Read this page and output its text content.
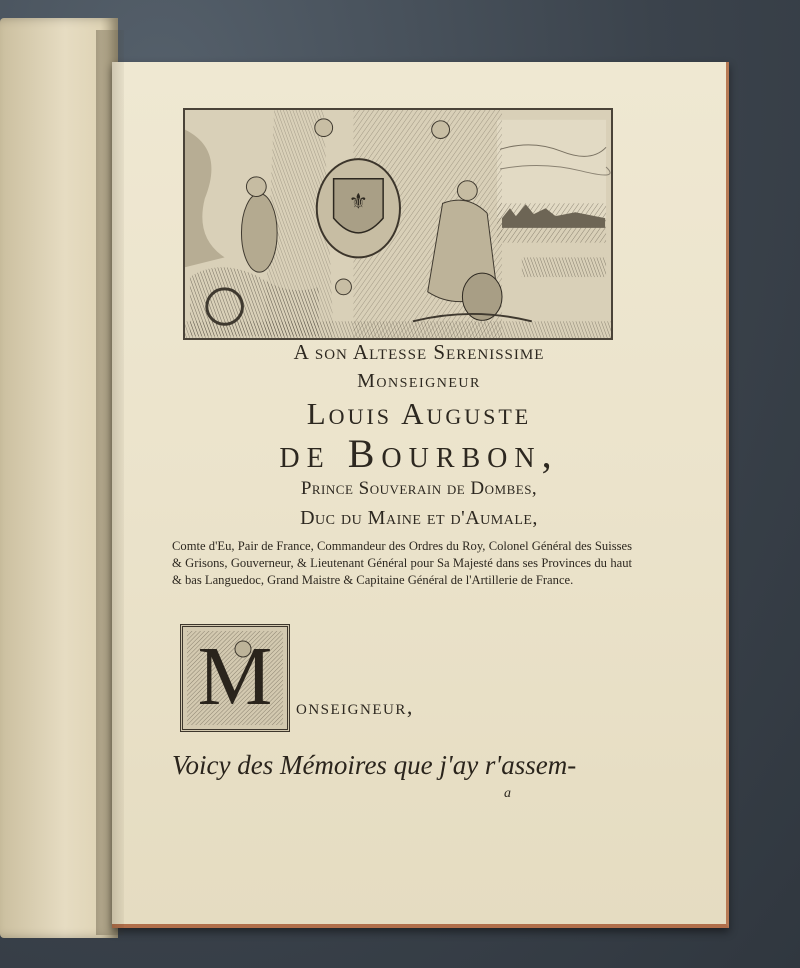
⚜

A son Altesse Serenissime

Monseigneur

Louis Auguste

de Bourbon,

Prince Souverain de Dombes,

Duc du Maine et d'Aumale,

Comte d'Eu, Pair de France, Commandeur des Ordres du Roy, Colonel Général des Suisses & Grisons, Gouverneur, & Lieutenant Général pour Sa Majesté dans ses Provinces du haut & bas Languedoc, Grand Maistre & Capitaine Général de l'Artillerie de France.
M	onseigneur,
Voicy des Mémoires que j'ay r'assem-
a
